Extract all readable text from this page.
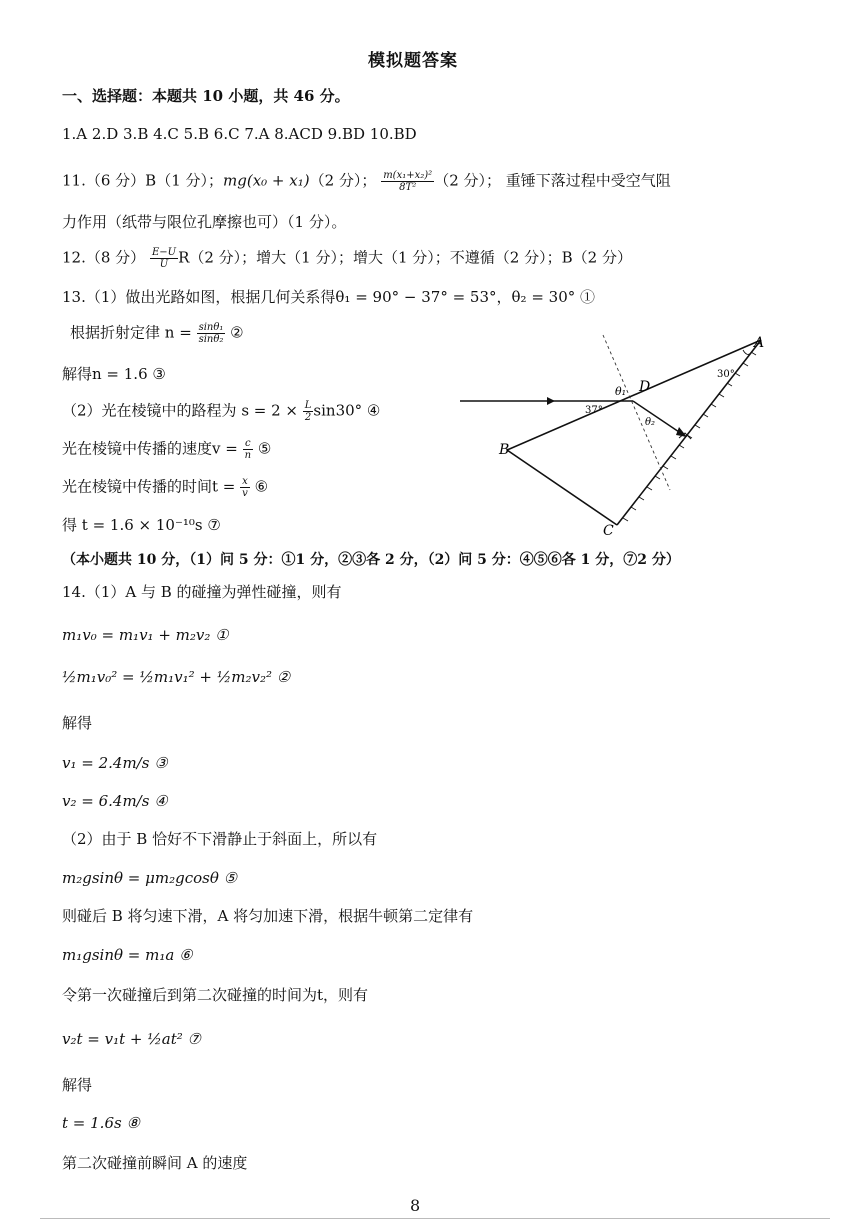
模拟题答案
一、选择题：本题共 10 小题，共 46 分。
1.A 2.D 3.B 4.C 5.B 6.C 7.A 8.ACD 9.BD 10.BD
11.（6 分）B（1 分）；mg(x₀ + x₁)（2 分）； $\frac{\text{m(x₁+x₂)²}}{\text{8T²}} (2$ 分）； 重锤下落过程中受空气阻
力作用（纸带与限位孔摩擦也可）（1 分）。
12.（8 分） $\frac{E-U}{U} R(2$ 分）；增大（1 分）；增大（1 分）；不遵循（2 分）；B（2 分）
13.（1）做出光路如图，根据几何关系得θ₁ = 90° − 37° = 53°，θ₂ = 30° ①
根据折射定律 $n = \frac{\text{sinθ₁}}{\text{sinθ₂}}$ ②
解得n = 1.6 ③
（2）光在棱镜中的路程为 $s = 2 \times \frac{L}{2} \sin 30^\circ$ ④
光在棱镜中传播的速度$v = \frac{c}{n}$ ⑤
光在棱镜中传播的时间$t = \frac{x}{v}$ ⑥
得 t = 1.6 × 10⁻¹⁰s ⑦
（本小题共 10 分，（1）问 5 分：①1 分，②③各 2 分，（2）问 5 分：④⑤⑥各 1 分，⑦2 分）
A
B
C
D
30°
37°
θ₁
θ₂
14.（1）A 与 B 的碰撞为弹性碰撞，则有
m₁v₀ = m₁v₁ + m₂v₂ ①
½m₁v₀² = ½m₁v₁² + ½m₂v₂² ②
解得
v₁ = 2.4m/s ③
v₂ = 6.4m/s ④
（2）由于 B 恰好不下滑静止于斜面上，所以有
m₂gsinθ = μm₂gcosθ ⑤
则碰后 B 将匀速下滑，A 将匀加速下滑，根据牛顿第二定律有
m₁gsinθ = m₁a ⑥
令第一次碰撞后到第二次碰撞的时间为t，则有
v₂t = v₁t + ½at² ⑦
解得
t = 1.6s ⑧
第二次碰撞前瞬间 A 的速度
8
